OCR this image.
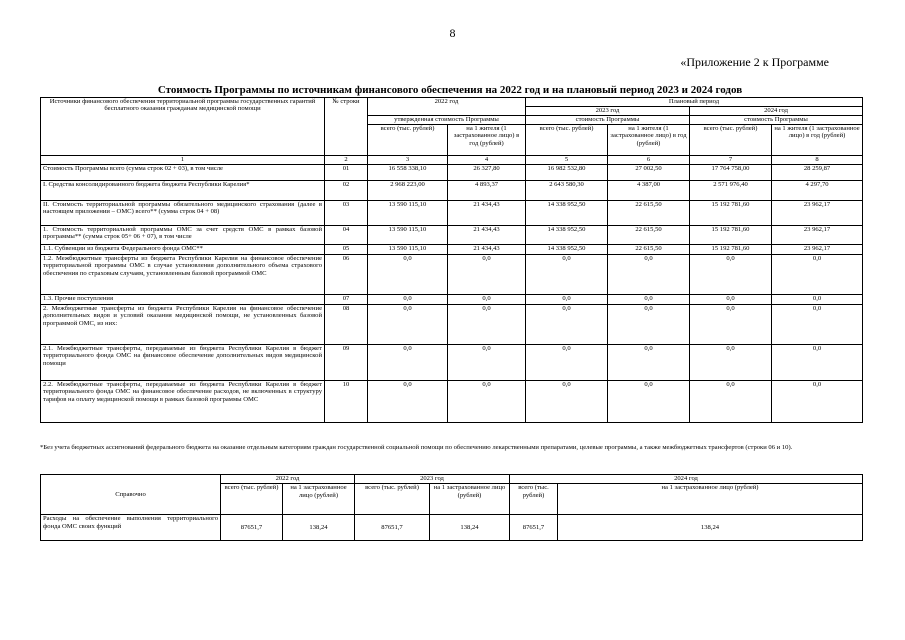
8
«Приложение 2 к Программе
Стоимость Программы по источникам финансового обеспечения на 2022 год и на плановый период 2023 и 2024 годов
Источники финансового обеспечения территориальной программы государственных гарантий бесплатного оказания гражданам медицинской помощи	№ строки	2022 год		Плановый период			
				2023 год		2024 год	
		утвержденная стоимость Программы		стоимость Программы		стоимость Программы	
		всего (тыс. рублей)	на 1 жителя (1 застрахованное лицо) в год (рублей)	всего (тыс. рублей)	на 1 жителя (1 застрахованное лицо) в год (рублей)	всего (тыс. рублей)	на 1 жителя (1 застрахованное лицо) в год (рублей)
1	2	3	4	5	6	7	8
Стоимость Программы всего (сумма строк 02 + 03), в том числе	01	16 558 338,10	26 327,80	16 982 532,80	27 002,50	17 764 758,00	28 259,87
I. Средства консолидированного бюджета бюджета Республики Карелия*	02	2 968 223,00	4 893,37	2 643 580,30	4 387,00	2 571 976,40	4 297,70
II. Стоимость территориальной программы обязательного медицинского страхования (далее в настоящем приложении – ОМС) всего** (сумма строк 04 + 08)	03	13 590 115,10	21 434,43	14 338 952,50	22 615,50	15 192 781,60	23 962,17
1. Стоимость территориальной программы ОМС за счет средств ОМС в рамках базовой программы** (сумма строк 05+ 06 + 07), в том числе	04	13 590 115,10	21 434,43	14 338 952,50	22 615,50	15 192 781,60	23 962,17
1.1. Субвенции из бюджета Федерального фонда ОМС**	05	13 590 115,10	21 434,43	14 338 952,50	22 615,50	15 192 781,60	23 962,17
1.2. Межбюджетные трансферты из бюджета Республики Карелия на финансовое обеспечение территориальной программы ОМС в случае установления дополнительного объема страхового обеспечения по страховым случаям, установленным базовой программой ОМС	06	0,0	0,0	0,0	0,0	0,0	0,0
1.3. Прочие поступления	07	0,0	0,0	0,0	0,0	0,0	0,0
2. Межбюджетные трансферты из бюджета Республики Карелия на финансовое обеспечение дополнительных видов и условий оказания медицинской помощи, не установленных базовой программой ОМС, из них:	08	0,0	0,0	0,0	0,0	0,0	0,0
2.1. Межбюджетные трансферты, передаваемые из бюджета Республики Карелия в бюджет территориального фонда ОМС на финансовое обеспечение дополнительных видов медицинской помощи	09	0,0	0,0	0,0	0,0	0,0	0,0
2.2. Межбюджетные трансферты, передаваемые из бюджета Республики Карелия в бюджет территориального фонда ОМС на финансовое обеспечение расходов, не включенных в структуру тарифов на оплату медицинской помощи в рамках базовой программы ОМС	10	0,0	0,0	0,0	0,0	0,0	0,0
*Без учета бюджетных ассигнований федерального бюджета на оказание отдельным категориям граждан государственной социальной помощи по обеспечению лекарственными препаратами, целевые программы, а также межбюджетных трансфертов (строки 06 и 10).
Справочно	2022 год		2023 год		2024 год	
	всего (тыс. рублей)	на 1 застрахованное лицо (рублей)	всего (тыс. рублей)	на 1 застрахованное лицо (рублей)	всего (тыс. рублей)	на 1 застрахованное лицо (рублей)
Расходы на обеспечение выполнения территориального фонда ОМС своих функций	87651,7	138,24	87651,7	138,24	87651,7	138,24
